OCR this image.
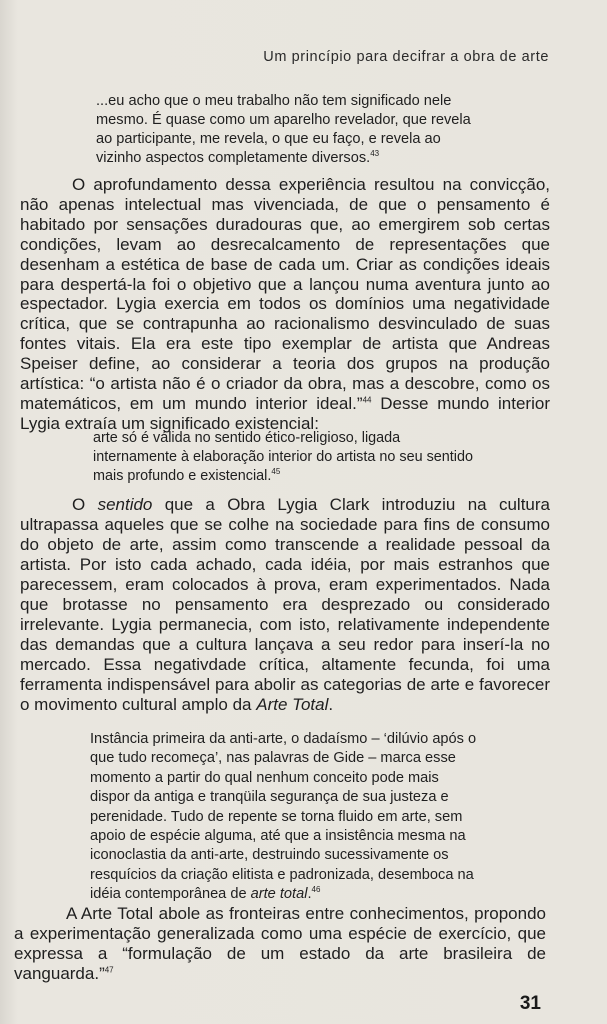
Um princípio para decifrar a obra de arte

...eu acho que o meu trabalho não tem significado nele mesmo. É quase como um aparelho revelador, que revela ao participante, me revela, o que eu faço, e revela ao vizinho aspectos completamente diversos.$^{43}$

O aprofundamento dessa experiência resultou na convicção, não apenas intelectual mas vivenciada, de que o pensamento é habitado por sensações duradouras que, ao emergirem sob certas condições, levam ao desrecalcamento de representações que desenham a estética de base de cada um. Criar as condições ideais para despertá-la foi o objetivo que a lançou numa aventura junto ao espectador. Lygia exercia em todos os domínios uma negatividade crítica, que se contrapunha ao racionalismo desvinculado de suas fontes vitais. Ela era este tipo exemplar de artista que Andreas Speiser define, ao considerar a teoria dos grupos na produção artística: “o artista não é o criador da obra, mas a descobre, como os matemáticos, em um mundo interior ideal.”$^{44}$ Desse mundo interior Lygia extraía um significado existencial:

arte só é válida no sentido ético-religioso, ligada internamente à elaboração interior do artista no seu sentido mais profundo e existencial.$^{45}$

O sentido que a Obra Lygia Clark introduziu na cultura ultrapassa aqueles que se colhe na sociedade para fins de consumo do objeto de arte, assim como transcende a realidade pessoal da artista. Por isto cada achado, cada idéia, por mais estranhos que parecessem, eram colocados à prova, eram experimentados. Nada que brotasse no pensamento era desprezado ou considerado irrelevante. Lygia permanecia, com isto, relativamente independente das demandas que a cultura lançava a seu redor para inserí-la no mercado. Essa negativdade crítica, altamente fecunda, foi uma ferramenta indispensável para abolir as categorias de arte e favorecer o movimento cultural amplo da Arte Total.

Instância primeira da anti-arte, o dadaísmo – ‘dilúvio após o que tudo recomeça’, nas palavras de Gide – marca esse momento a partir do qual nenhum conceito pode mais dispor da antiga e tranqüila segurança de sua justeza e perenidade. Tudo de repente se torna fluido em arte, sem apoio de espécie alguma, até que a insistência mesma na iconoclastia da anti-arte, destruindo sucessivamente os resquícios da criação elitista e padronizada, desemboca na idéia contemporânea de arte total.$^{46}$

A Arte Total abole as fronteiras entre conhecimentos, propondo a experimentação generalizada como uma espécie de exercício, que expressa a “formulação de um estado da arte brasileira de vanguarda.”$^{47}$

31
